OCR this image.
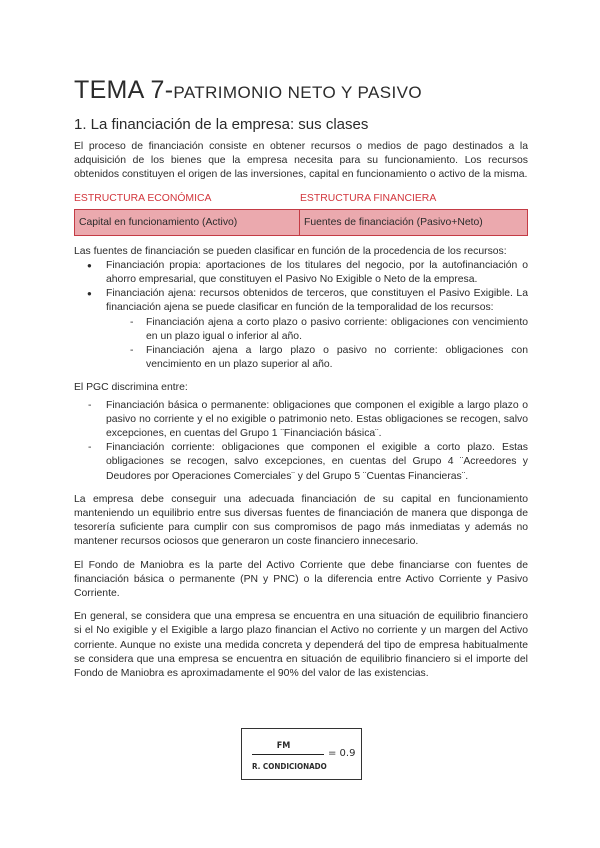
TEMA 7-PATRIMONIO NETO Y PASIVO
1. La financiación de la empresa: sus clases

El proceso de financiación consiste en obtener recursos o medios de pago destinados a la adquisición de los bienes que la empresa necesita para su funcionamiento. Los recursos obtenidos constituyen el origen de las inversiones, capital en funcionamiento o activo de la misma.

ESTRUCTURA ECONÓMICA	ESTRUCTURA FINANCIERA
Capital en funcionamiento (Activo)	Fuentes de financiación (Pasivo+Neto)

Las fuentes de financiación se pueden clasificar en función de la procedencia de los recursos:

● Financiación propia: aportaciones de los titulares del negocio, por la autofinanciación o ahorro empresarial, que constituyen el Pasivo No Exigible o Neto de la empresa.
● Financiación ajena: recursos obtenidos de terceros, que constituyen el Pasivo Exigible. La financiación ajena se puede clasificar en función de la temporalidad de los recursos:
- Financiación ajena a corto plazo o pasivo corriente: obligaciones con vencimiento en un plazo igual o inferior al año.
- Financiación ajena a largo plazo o pasivo no corriente: obligaciones con vencimiento en un plazo superior al año.

El PGC discrimina entre:

- Financiación básica o permanente: obligaciones que componen el exigible a largo plazo o pasivo no corriente y el no exigible o patrimonio neto. Estas obligaciones se recogen, salvo excepciones, en cuentas del Grupo 1 ¨Financiación básica¨.
- Financiación corriente: obligaciones que componen el exigible a corto plazo. Estas obligaciones se recogen, salvo excepciones, en cuentas del Grupo 4 ¨Acreedores y Deudores por Operaciones Comerciales¨ y del Grupo 5 ¨Cuentas Financieras¨.

La empresa debe conseguir una adecuada financiación de su capital en funcionamiento manteniendo un equilibrio entre sus diversas fuentes de financiación de manera que disponga de tesorería suficiente para cumplir con sus compromisos de pago más inmediatas y además no mantener recursos ociosos que generaron un coste financiero innecesario.

El Fondo de Maniobra es la parte del Activo Corriente que debe financiarse con fuentes de financiación básica o permanente (PN y PNC) o la diferencia entre Activo Corriente y Pasivo Corriente.

En general, se considera que una empresa se encuentra en una situación de equilibrio financiero si el No exigible y el Exigible a largo plazo financian el Activo no corriente y un margen del Activo corriente. Aunque no existe una medida concreta y dependerá del tipo de empresa habitualmente se considera que una empresa se encuentra en situación de equilibrio financiero si el importe del Fondo de Maniobra es aproximadamente el 90% del valor de las existencias.

FM
R. CONDICIONADO
= 0.9
